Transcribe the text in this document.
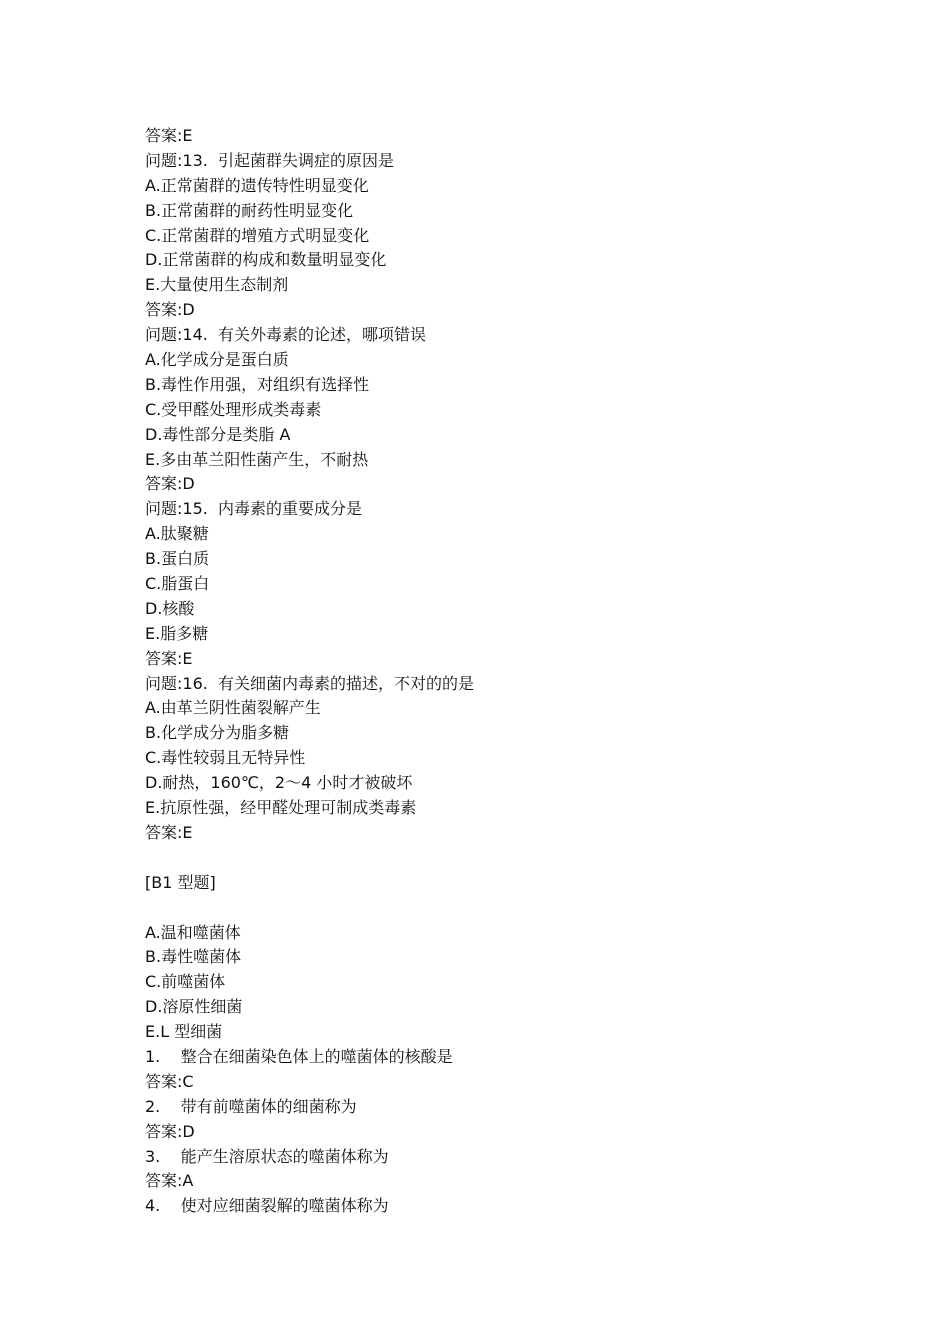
答案:E

问题:13.  引起菌群失调症的原因是

A.正常菌群的遗传特性明显变化

B.正常菌群的耐药性明显变化

C.正常菌群的增殖方式明显变化

D.正常菌群的构成和数量明显变化

E.大量使用生态制剂

答案:D

问题:14.  有关外毒素的论述，哪项错误

A.化学成分是蛋白质

B.毒性作用强，对组织有选择性

C.受甲醛处理形成类毒素

D.毒性部分是类脂 A

E.多由革兰阳性菌产生，不耐热

答案:D

问题:15.  内毒素的重要成分是

A.肽聚糖

B.蛋白质

C.脂蛋白

D.核酸

E.脂多糖

答案:E

问题:16.  有关细菌内毒素的描述，不对的的是

A.由革兰阴性菌裂解产生

B.化学成分为脂多糖

C.毒性较弱且无特异性

D.耐热，160℃，2～4 小时才被破坏

E.抗原性强，经甲醛处理可制成类毒素

答案:E

[B1 型题]

A.温和噬菌体

B.毒性噬菌体

C.前噬菌体

D.溶原性细菌

E.L 型细菌

1.    整合在细菌染色体上的噬菌体的核酸是

答案:C

2.    带有前噬菌体的细菌称为

答案:D

3.    能产生溶原状态的噬菌体称为

答案:A

4.    使对应细菌裂解的噬菌体称为
